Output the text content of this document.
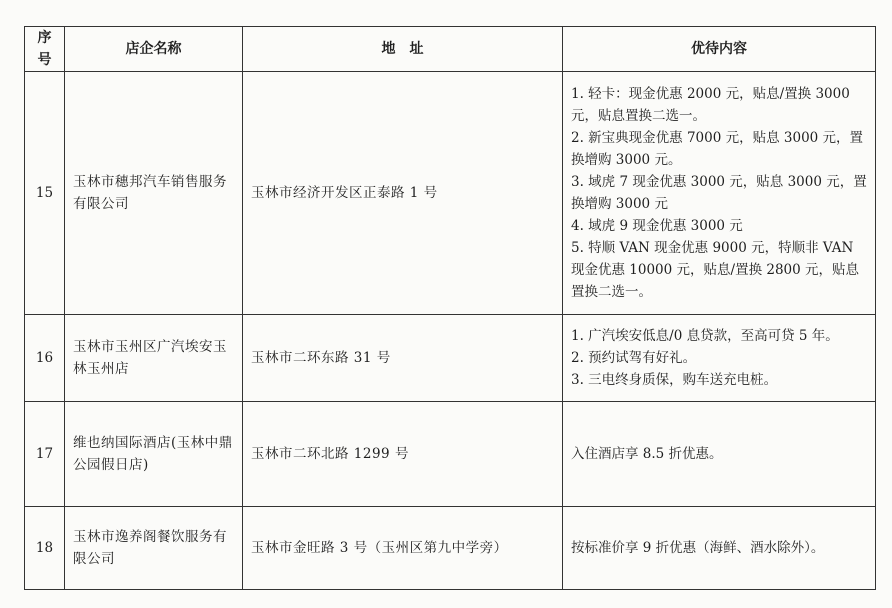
序号	店企名称	地　址	优待内容
15	玉林市穗邦汽车销售服务有限公司	玉林市经济开发区正泰路 1 号	1. 轻卡：现金优惠 2000 元，贴息/置换 3000 元，贴息置换二选一。
2. 新宝典现金优惠 7000 元，贴息 3000 元，置换增购 3000 元。
3. 域虎 7 现金优惠 3000 元，贴息 3000 元，置换增购 3000 元
4. 域虎 9 现金优惠 3000 元
5. 特顺 VAN 现金优惠 9000 元，特顺非 VAN 现金优惠 10000 元，贴息/置换 2800 元，贴息置换二选一。

16	玉林市玉州区广汽埃安玉林玉州店	玉林市二环东路 31 号	1. 广汽埃安低息/0 息贷款，至高可贷 5 年。
2. 预约试驾有好礼。
3. 三电终身质保，购车送充电桩。

17	维也纳国际酒店(玉林中鼎公园假日店)	玉林市二环北路 1299 号	入住酒店享 8.5 折优惠。

18	玉林市逸养阁餐饮服务有限公司	玉林市金旺路 3 号（玉州区第九中学旁）	按标准价享 9 折优惠（海鲜、酒水除外）。
